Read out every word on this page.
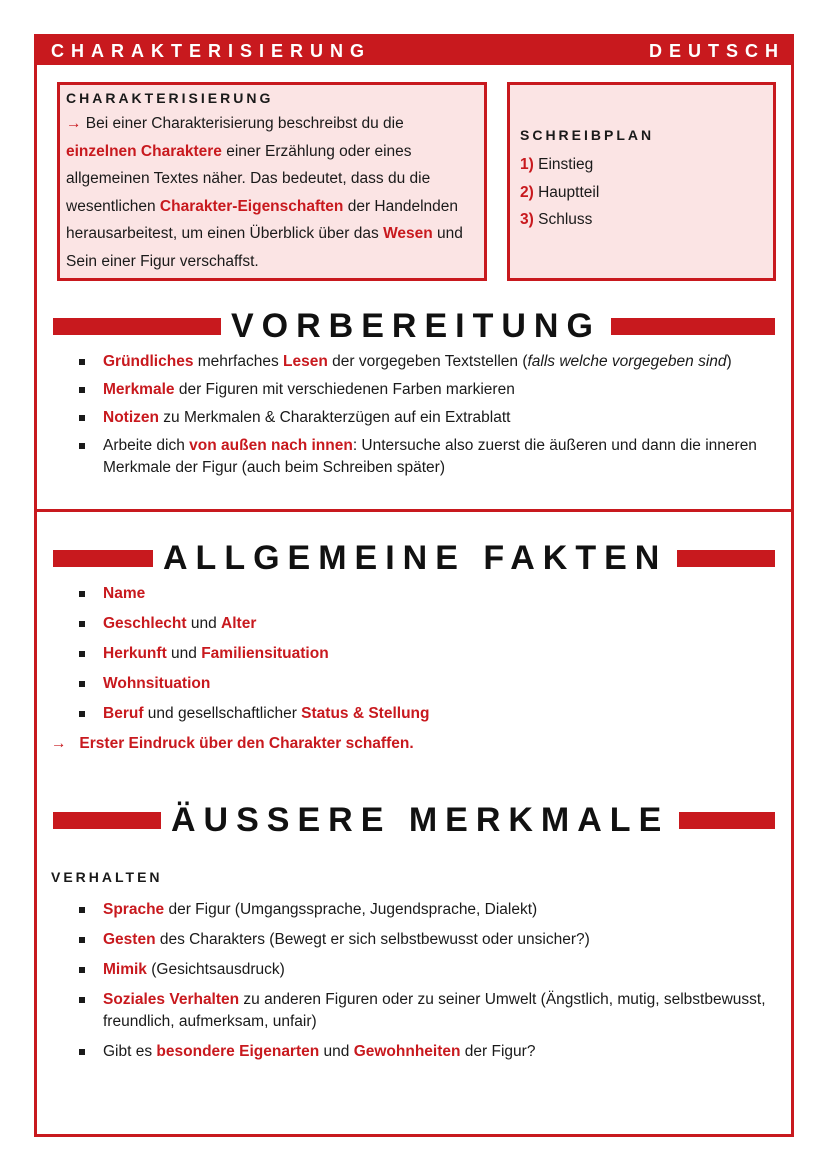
CHARAKTERISIERUNG	DEUTSCH
CHARAKTERISIERUNG

→ Bei einer Charakterisierung beschreibst du die einzelnen Charaktere einer Erzählung oder eines allgemeinen Textes näher. Das bedeutet, dass du die wesentlichen Charakter-Eigenschaften der Handelnden herausarbeitest, um einen Überblick über das Wesen und Sein einer Figur verschaffst.

SCHREIBPLAN
1) Einstieg
2) Hauptteil
3) Schluss
VORBEREITUNG
Gründliches mehrfaches Lesen der vorgegeben Textstellen (falls welche vorgegeben sind)
Merkmale der Figuren mit verschiedenen Farben markieren
Notizen zu Merkmalen & Charakterzügen auf ein Extrablatt
Arbeite dich von außen nach innen: Untersuche also zuerst die äußeren und dann die inneren Merkmale der Figur (auch beim Schreiben später)
ALLGEMEINE FAKTEN
Name
Geschlecht und Alter
Herkunft und Familiensituation
Wohnsituation
Beruf und gesellschaftlicher Status & Stellung
→ Erster Eindruck über den Charakter schaffen.
ÄUSSERE MERKMALE
VERHALTEN
Sprache der Figur (Umgangssprache, Jugendsprache, Dialekt)
Gesten des Charakters (Bewegt er sich selbstbewusst oder unsicher?)
Mimik (Gesichtsausdruck)
Soziales Verhalten zu anderen Figuren oder zu seiner Umwelt (Ängstlich, mutig, selbstbewusst, freundlich, aufmerksam, unfair)
Gibt es besondere Eigenarten und Gewohnheiten der Figur?
